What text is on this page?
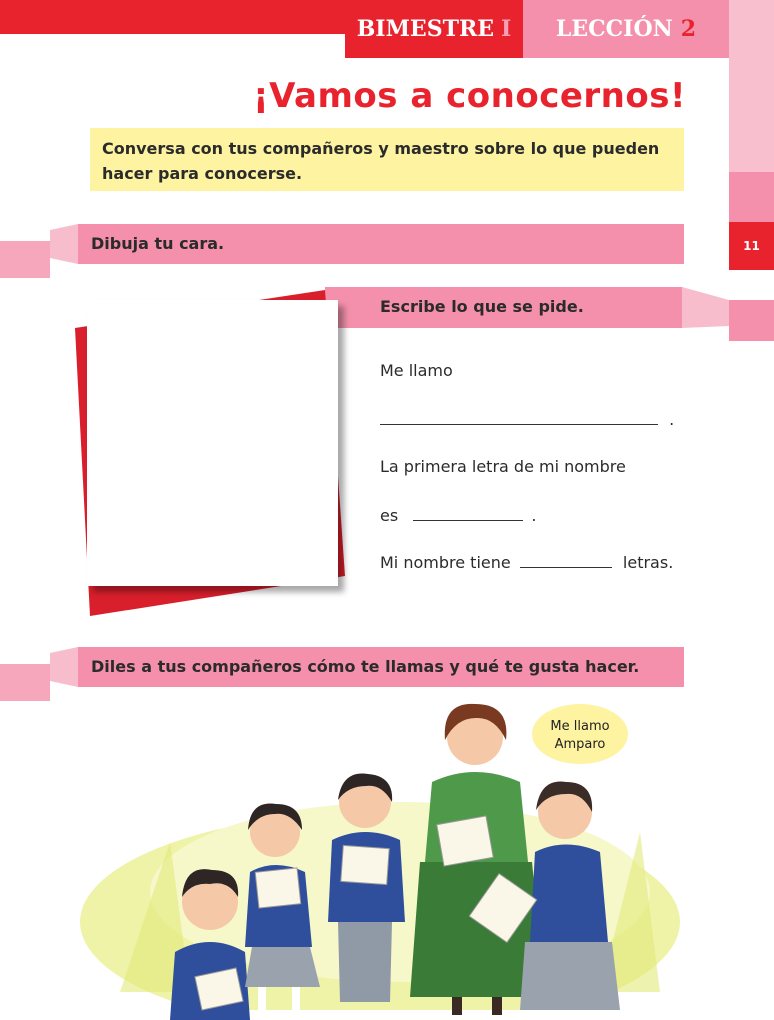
BIMESTRE I LECCIÓN 2
11
¡Vamos a conocernos!
Conversa con tus compañeros y maestro sobre lo que pueden hacer para conocerse.
Dibuja tu cara.
Escribe lo que se pide.
Me llamo
.
La primera letra de mi nombre
es	.
Mi nombre tiene	letras.
Diles a tus compañeros cómo te llamas y qué te gusta hacer.
Me llamo
Amparo
